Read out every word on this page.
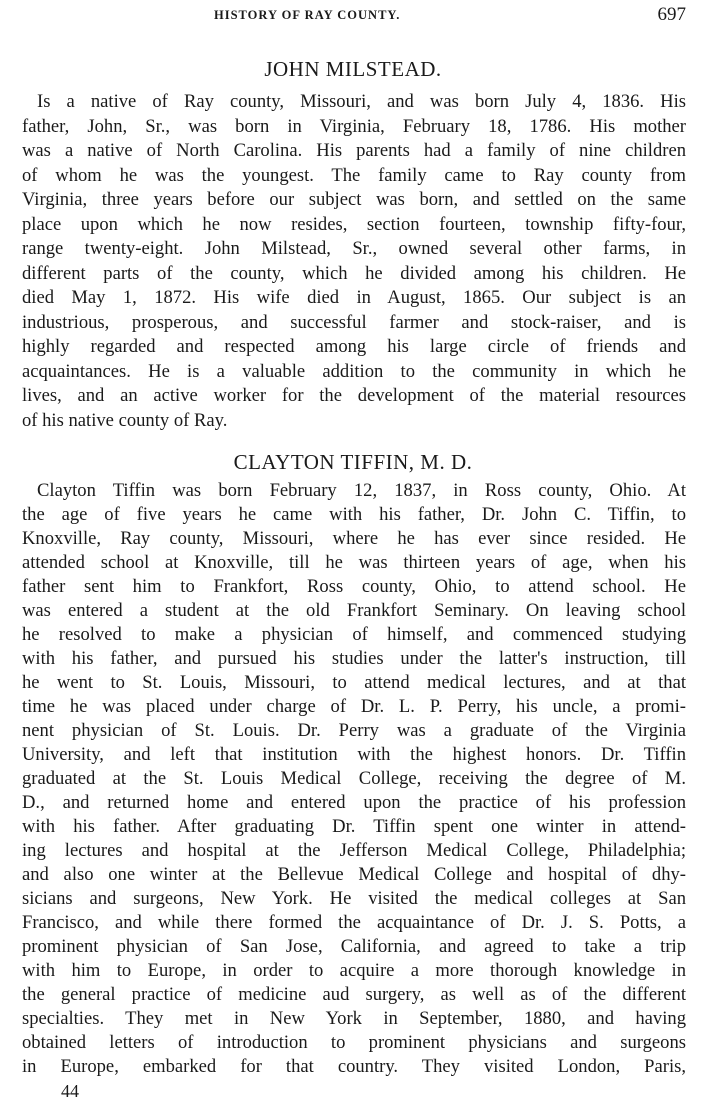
HISTORY OF RAY COUNTY.	697
JOHN MILSTEAD.
Is a native of Ray county, Missouri, and was born July 4, 1836. His
father, John, Sr., was born in Virginia, February 18, 1786. His mother
was a native of North Carolina. His parents had a family of nine children
of whom he was the youngest. The family came to Ray county from
Virginia, three years before our subject was born, and settled on the same
place upon which he now resides, section fourteen, township fifty-four,
range twenty-eight. John Milstead, Sr., owned several other farms, in
different parts of the county, which he divided among his children. He
died May 1, 1872. His wife died in August, 1865. Our subject is an
industrious, prosperous, and successful farmer and stock-raiser, and is
highly regarded and respected among his large circle of friends and
acquaintances. He is a valuable addition to the community in which he
lives, and an active worker for the development of the material resources
of his native county of Ray.
CLAYTON TIFFIN, M. D.
Clayton Tiffin was born February 12, 1837, in Ross county, Ohio. At
the age of five years he came with his father, Dr. John C. Tiffin, to
Knoxville, Ray county, Missouri, where he has ever since resided. He
attended school at Knoxville, till he was thirteen years of age, when his
father sent him to Frankfort, Ross county, Ohio, to attend school. He
was entered a student at the old Frankfort Seminary. On leaving school
he resolved to make a physician of himself, and commenced studying
with his father, and pursued his studies under the latter's instruction, till
he went to St. Louis, Missouri, to attend medical lectures, and at that
time he was placed under charge of Dr. L. P. Perry, his uncle, a promi-
nent physician of St. Louis. Dr. Perry was a graduate of the Virginia
University, and left that institution with the highest honors. Dr. Tiffin
graduated at the St. Louis Medical College, receiving the degree of M.
D., and returned home and entered upon the practice of his profession
with his father. After graduating Dr. Tiffin spent one winter in attend-
ing lectures and hospital at the Jefferson Medical College, Philadelphia;
and also one winter at the Bellevue Medical College and hospital of dhy-
sicians and surgeons, New York. He visited the medical colleges at San
Francisco, and while there formed the acquaintance of Dr. J. S. Potts, a
prominent physician of San Jose, California, and agreed to take a trip
with him to Europe, in order to acquire a more thorough knowledge in
the general practice of medicine aud surgery, as well as of the different
specialties. They met in New York in September, 1880, and having
obtained letters of introduction to prominent physicians and surgeons
in Europe, embarked for that country. They visited London, Paris,
44
